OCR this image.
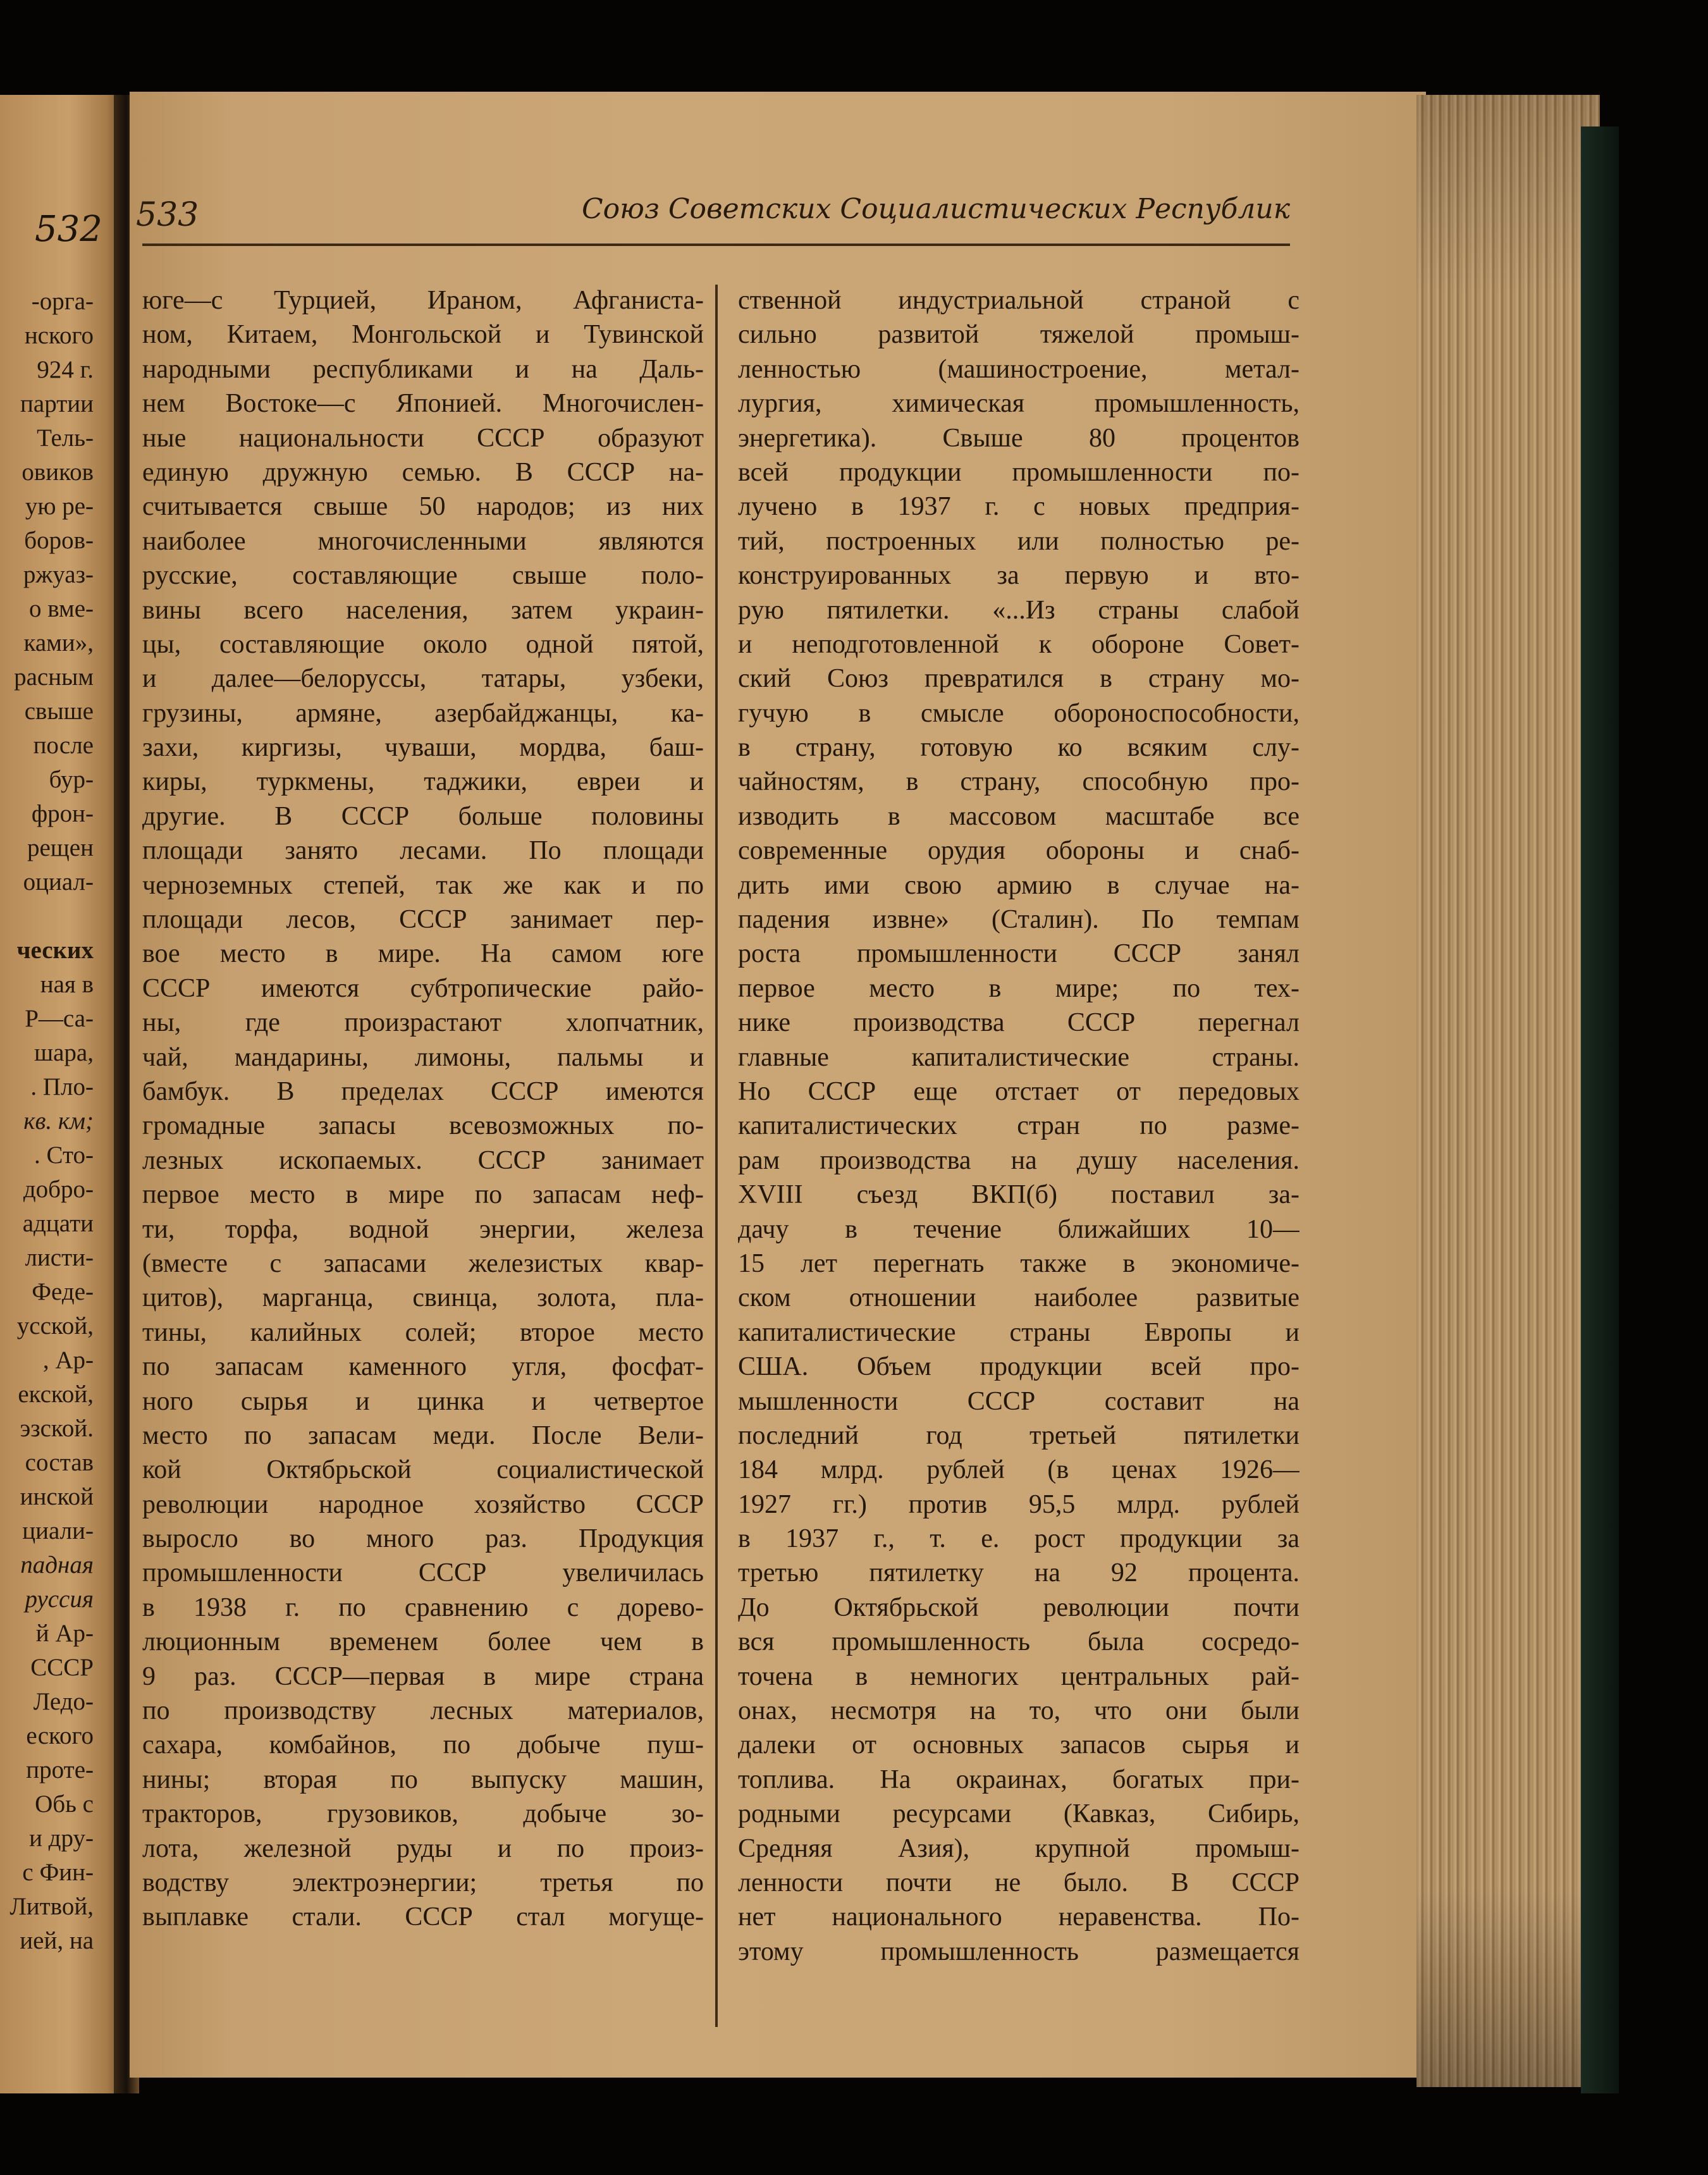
532
-орга-
нского
924 г.
партии
Тель-
овиков
ую ре-
боров-
ржуаз-
о вме-
ками»,
расным
свыше
после
бур-
фрон-
рещен
оциал-
ческих
ная в
Р—са-
шара,
. Пло-
кв. км;
. Сто-
добро-
адцати
листи-
Феде-
усской,
, Ар-
екской,
эзской.
состав
инской
циали-
падная
руссия
й Ар-
СССР
Ледо-
еского
проте-
Обь с
и дру-
с Фин-
Литвой,
ией, на
533	Союз Советских Социалистических Республик
юге—с Турцией, Ираном, Афганиста-
ном, Китаем, Монгольской и Тувинской
народными республиками и на Даль-
нем Востоке—с Японией. Многочислен-
ные национальности СССР образуют
единую дружную семью. В СССР на-
считывается свыше 50 народов; из них
наиболее многочисленными являются
русские, составляющие свыше поло-
вины всего населения, затем украин-
цы, составляющие около одной пятой,
и далее—белоруссы, татары, узбеки,
грузины, армяне, азербайджанцы, ка-
захи, киргизы, чуваши, мордва, баш-
киры, туркмены, таджики, евреи и
другие. В СССР больше половины
площади занято лесами. По площади
черноземных степей, так же как и по
площади лесов, СССР занимает пер-
вое место в мире. На самом юге
СССР имеются субтропические райо-
ны, где произрастают хлопчатник,
чай, мандарины, лимоны, пальмы и
бамбук. В пределах СССР имеются
громадные запасы всевозможных по-
лезных ископаемых. СССР занимает
первое место в мире по запасам неф-
ти, торфа, водной энергии, железа
(вместе с запасами железистых квар-
цитов), марганца, свинца, золота, пла-
тины, калийных солей; второе место
по запасам каменного угля, фосфат-
ного сырья и цинка и четвертое
место по запасам меди. После Вели-
кой Октябрьской социалистической
революции народное хозяйство СССР
выросло во много раз. Продукция
промышленности СССР увеличилась
в 1938 г. по сравнению с дорево-
люционным временем более чем в
9 раз. СССР—первая в мире страна
по производству лесных материалов,
сахара, комбайнов, по добыче пуш-
нины; вторая по выпуску машин,
тракторов, грузовиков, добыче зо-
лота, железной руды и по произ-
водству электроэнергии; третья по
выплавке стали. СССР стал могуще-
ственной индустриальной страной с
сильно развитой тяжелой промыш-
ленностью (машиностроение, метал-
лургия, химическая промышленность,
энергетика). Свыше 80 процентов
всей продукции промышленности по-
лучено в 1937 г. с новых предприя-
тий, построенных или полностью ре-
конструированных за первую и вто-
рую пятилетки. «...Из страны слабой
и неподготовленной к обороне Совет-
ский Союз превратился в страну мо-
гучую в смысле обороноспособности,
в страну, готовую ко всяким слу-
чайностям, в страну, способную про-
изводить в массовом масштабе все
современные орудия обороны и снаб-
дить ими свою армию в случае на-
падения извне» (Сталин). По темпам
роста промышленности СССР занял
первое место в мире; по тех-
нике производства СССР перегнал
главные капиталистические страны.
Но СССР еще отстает от передовых
капиталистических стран по разме-
рам производства на душу населения.
XVIII съезд ВКП(б) поставил за-
дачу в течение ближайших 10—
15 лет перегнать также в экономиче-
ском отношении наиболее развитые
капиталистические страны Европы и
США. Объем продукции всей про-
мышленности СССР составит на
последний год третьей пятилетки
184 млрд. рублей (в ценах 1926—
1927 гг.) против 95,5 млрд. рублей
в 1937 г., т. е. рост продукции за
третью пятилетку на 92 процента.
До Октябрьской революции почти
вся промышленность была сосредо-
точена в немногих центральных рай-
онах, несмотря на то, что они были
далеки от основных запасов сырья и
топлива. На окраинах, богатых при-
родными ресурсами (Кавказ, Сибирь,
Средняя Азия), крупной промыш-
ленности почти не было. В СССР
нет национального неравенства. По-
этому промышленность размещается
